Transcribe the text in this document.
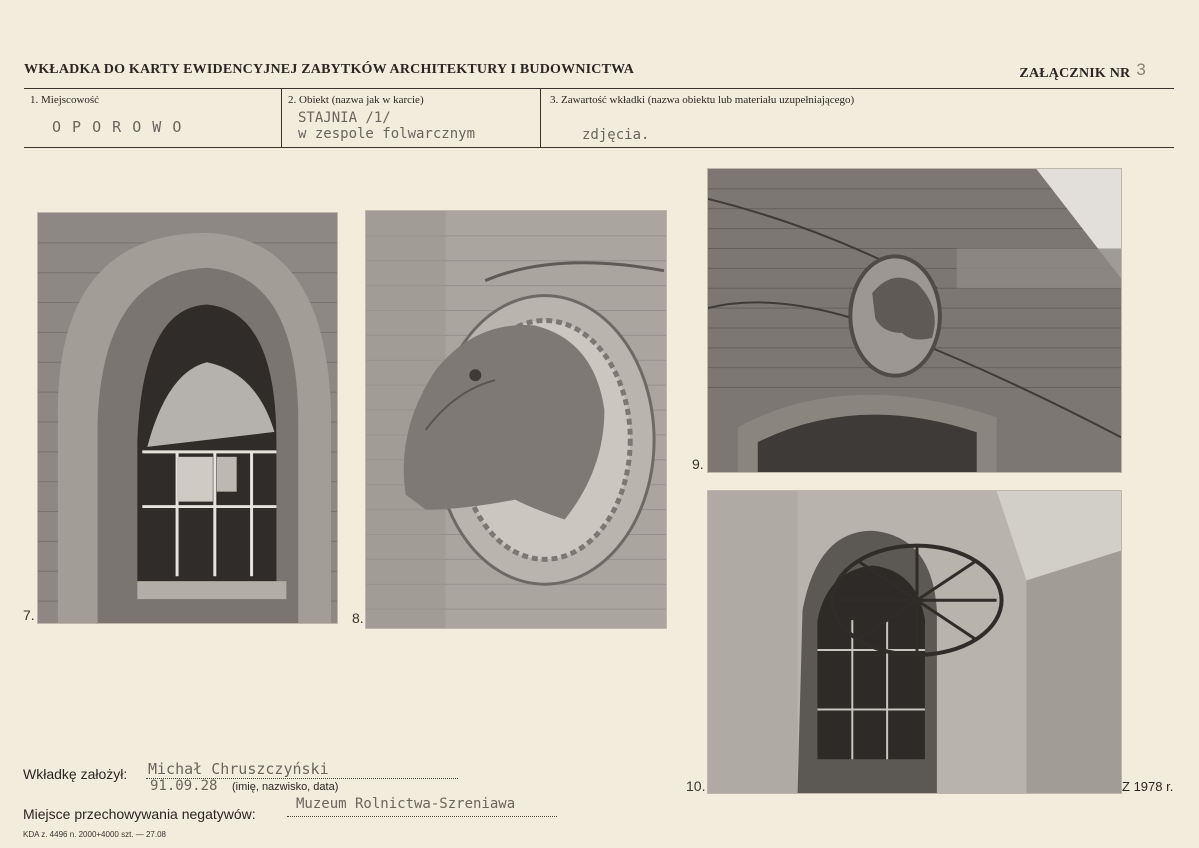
WKŁADKA DO KARTY EWIDENCYJNEJ ZABYTKÓW ARCHITEKTURY I BUDOWNICTWA	ZAŁĄCZNIK NR 3
1. Miejscowość
O P O R O W O
2. Obiekt (nazwa jak w karcie)
STAJNIA /1/
w zespole folwarcznym
3. Zawartość wkładki (nazwa obiektu lub materiału uzupełniającego)
zdjęcia.
7.	8.
9.
10.	Z 1978 r.
Wkładkę założył: Michał Chruszczyński
91.09.28 (imię, nazwisko, data)
Miejsce przechowywania negatywów:
Muzeum Rolnictwa-Szreniawa
KDA z. 4496 n. 2000+4000 szt. — 27.08
